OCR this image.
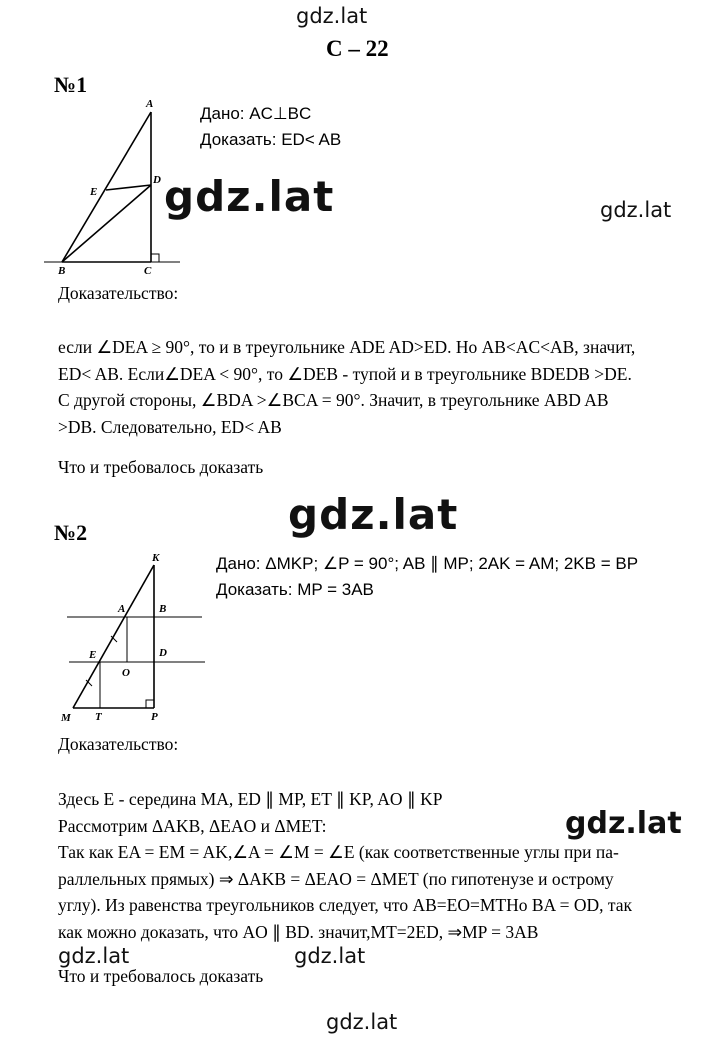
gdz.lat
gdz.lat	gdz.lat
gdz.lat
gdz.lat
gdz.lat	gdz.lat
gdz.lat
С – 22
№1
A
E
D
B	C
Дано: AC⊥BC
Доказать: ED< AB
Доказательство:
если ∠DEA ≥ 90°, то и в треугольнике ADE AD>ED. Но AB<AC<AB, значит,
ED< AB. Если∠DEA < 90°, то ∠DEB - тупой и в треугольнике BDEDB >DE.
С другой стороны, ∠BDA >∠BCA = 90°. Значит, в треугольнике ABD AB
>DB. Следовательно, ED< AB
Что и требовалось доказать
№2
K
A	B
E	D
O
M T	P
Дано: ΔMKP; ∠P = 90°; AB ∥ MP; 2AK = AM; 2KB = BP
Доказать: MP = 3AB
Доказательство:
Здесь E - середина MA, ED ∥ MP, ET ∥ KP, AO ∥ KP
Рассмотрим ΔAKB, ΔEAO и ΔMET:
Так как EA = EM = AK,∠A = ∠M = ∠E (как соответственные углы при па-
раллельных прямых) ⇒ ΔAKB = ΔEAO = ΔMET (по гипотенузе и острому
углу). Из равенства треугольников следует, что AB=EO=MTНо BA = OD, так
как можно доказать, что AO ∥ BD. значит,MT=2ED, ⇒MP = 3AB
Что и требовалось доказать
